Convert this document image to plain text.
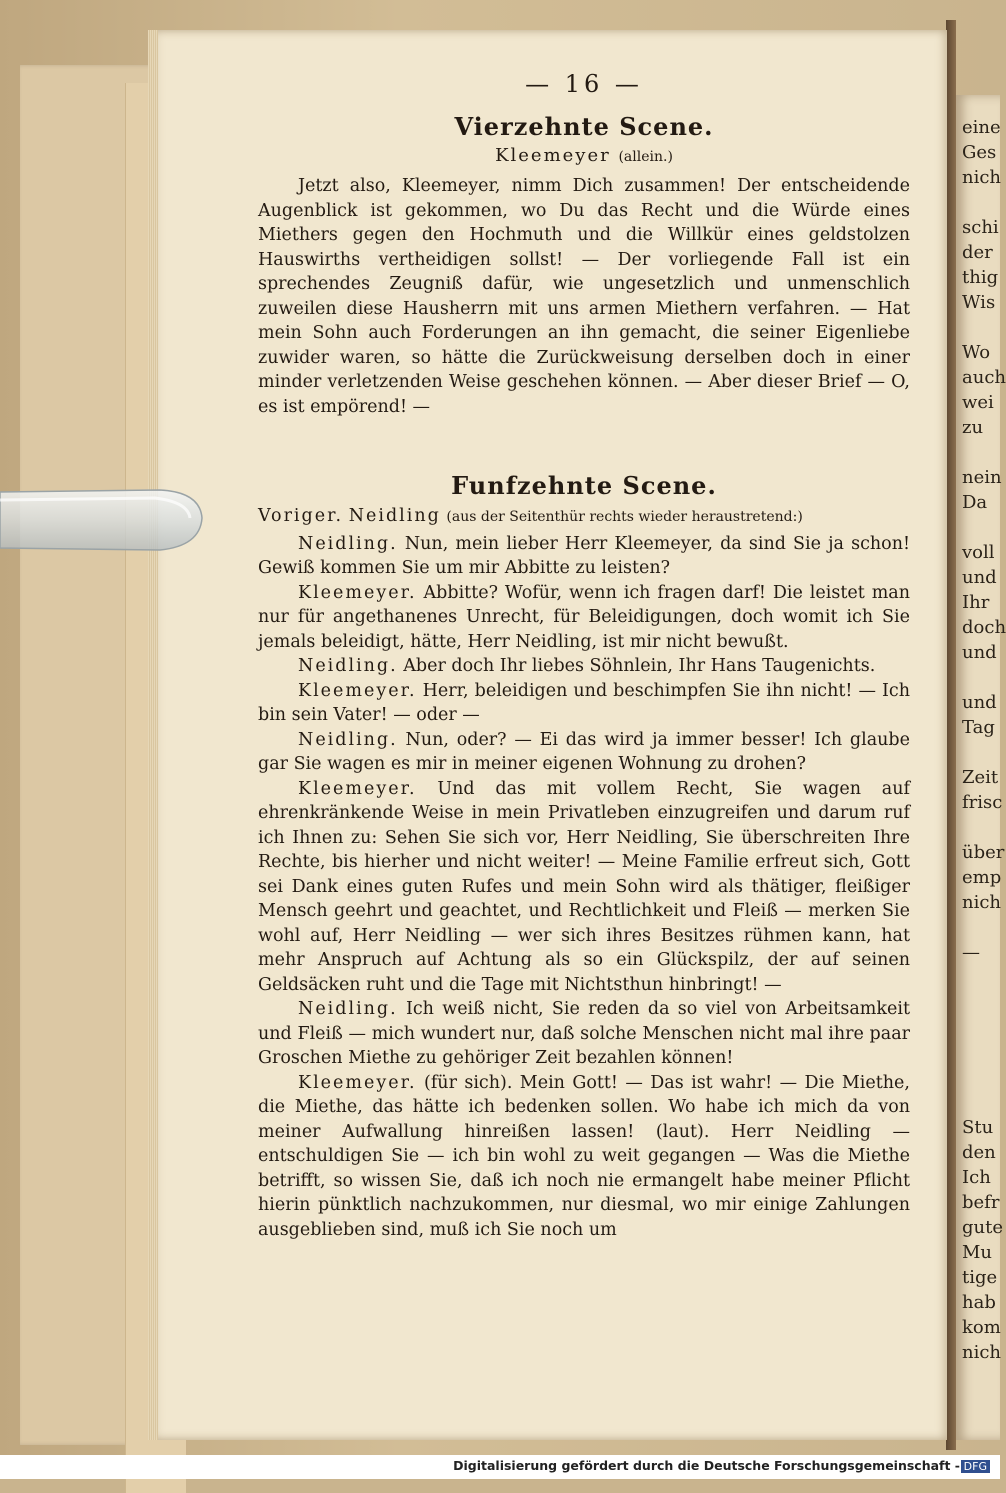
eine
Ges
nich

schi
der
thig
Wis

Wo
auch
wei
zu

nein
Da

voll
und
Ihr
doch
und

und
Tag

Zeit
frisc

über
emp
nich

—

Stu
den
Ich
befr
gute
Mu
tige
hab
kom
nich
— 16 —
Vierzehnte Scene.
Kleemeyer (allein.)
Jetzt also, Kleemeyer, nimm Dich zusammen! Der entscheidende Augenblick ist gekommen, wo Du das Recht und die Würde eines Miethers gegen den Hochmuth und die Willkür eines geldstolzen Hauswirths vertheidigen sollst! — Der vorliegende Fall ist ein sprechendes Zeugniß dafür, wie ungesetzlich und unmenschlich zuweilen diese Hausherrn mit uns armen Miethern verfahren. — Hat mein Sohn auch Forderungen an ihn gemacht, die seiner Eigenliebe zuwider waren, so hätte die Zurückweisung derselben doch in einer minder verletzenden Weise geschehen können. — Aber dieser Brief — O, es ist empörend! —
Funfzehnte Scene.
Voriger. Neidling (aus der Seitenthür rechts wieder heraustretend:)
Neidling. Nun, mein lieber Herr Kleemeyer, da sind Sie ja schon! Gewiß kommen Sie um mir Abbitte zu leisten?
Kleemeyer. Abbitte? Wofür, wenn ich fragen darf! Die leistet man nur für angethanenes Unrecht, für Beleidigungen, doch womit ich Sie jemals beleidigt, hätte, Herr Neidling, ist mir nicht bewußt.
Neidling. Aber doch Ihr liebes Söhnlein, Ihr Hans Taugenichts.
Kleemeyer. Herr, beleidigen und beschimpfen Sie ihn nicht! — Ich bin sein Vater! — oder —
Neidling. Nun, oder? — Ei das wird ja immer besser! Ich glaube gar Sie wagen es mir in meiner eigenen Wohnung zu drohen?
Kleemeyer. Und das mit vollem Recht, Sie wagen auf ehrenkränkende Weise in mein Privatleben einzugreifen und darum ruf ich Ihnen zu: Sehen Sie sich vor, Herr Neidling, Sie überschreiten Ihre Rechte, bis hierher und nicht weiter! — Meine Familie erfreut sich, Gott sei Dank eines guten Rufes und mein Sohn wird als thätiger, fleißiger Mensch geehrt und geachtet, und Rechtlichkeit und Fleiß — merken Sie wohl auf, Herr Neidling — wer sich ihres Besitzes rühmen kann, hat mehr Anspruch auf Achtung als so ein Glückspilz, der auf seinen Geldsäcken ruht und die Tage mit Nichtsthun hinbringt! —
Neidling. Ich weiß nicht, Sie reden da so viel von Arbeitsamkeit und Fleiß — mich wundert nur, daß solche Menschen nicht mal ihre paar Groschen Miethe zu gehöriger Zeit bezahlen können!
Kleemeyer. (für sich). Mein Gott! — Das ist wahr! — Die Miethe, die Miethe, das hätte ich bedenken sollen. Wo habe ich mich da von meiner Aufwallung hinreißen lassen! (laut). Herr Neidling — entschuldigen Sie — ich bin wohl zu weit gegangen — Was die Miethe betrifft, so wissen Sie, daß ich noch nie ermangelt habe meiner Pflicht hierin pünktlich nachzukommen, nur diesmal, wo mir einige Zahlungen ausgeblieben sind, muß ich Sie noch um
Digitalisierung gefördert durch die Deutsche Forschungsgemeinschaft - DFG
